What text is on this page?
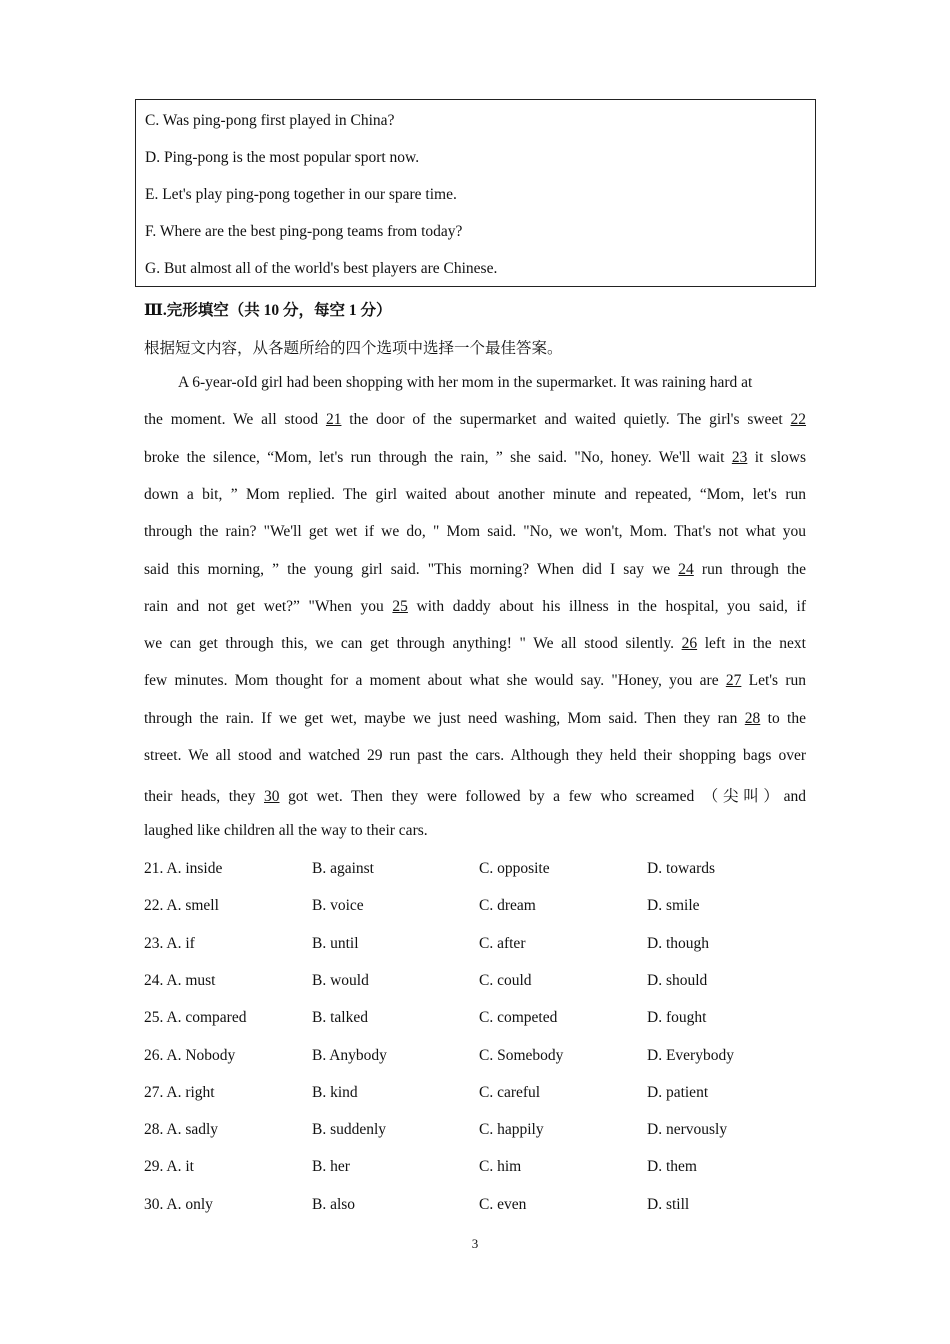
C. Was ping-pong first played in China?
D. Ping-pong is the most popular sport now.
E. Let's play ping-pong together in our spare time.
F. Where are the best ping-pong teams from today?
G. But almost all of the world's best players are Chinese.
Ⅲ.完形填空（共 10 分，每空 1 分）
根据短文内容，从各题所给的四个选项中选择一个最佳答案。
A 6-year-oId girl had been shopping with her mom in the supermarket. It was raining hard at
the moment. We all stood 21 the door of the supermarket and waited quietly. The girl's sweet 22
broke the silence, “Mom, let's run through the rain, ” she said. "No, honey. We'll wait 23 it slows
down a bit, ” Mom replied. The girl waited about another minute and repeated, “Mom, let's run
through the rain? "We'll get wet if we do, " Mom said. "No, we won't, Mom. That's not what you
said this morning, ” the young girl said. "This morning? When did I say we 24 run through the
rain and not get wet?” "When you 25 with daddy about his illness in the hospital, you said, if
we can get through this, we can get through anything! " We all stood silently. 26 left in the next
few minutes. Mom thought for a moment about what she would say. "Honey, you are 27 Let's run
through the rain. If we get wet, maybe we just need washing, Mom said. Then they ran 28 to the
street. We all stood and watched 29 run past the cars. Although they held their shopping bags over
their heads, they 30 got wet. Then they were followed by a few who screamed （尖叫）and
laughed like children all the way to their cars.
21. A. inside	B. against	C. opposite	D. towards
22. A. smell	B. voice	C. dream	D. smile
23. A. if	B. until	C. after	D. though
24. A. must	B. would	C. could	D. should
25. A. compared	B. talked	C. competed	D. fought
26. A. Nobody	B. Anybody	C. Somebody	D. Everybody
27. A. right	B. kind	C. careful	D. patient
28. A. sadly	B. suddenly	C. happily	D. nervously
29. A. it	B. her	C. him	D. them
30. A. only	B. also	C. even	D. still
3
